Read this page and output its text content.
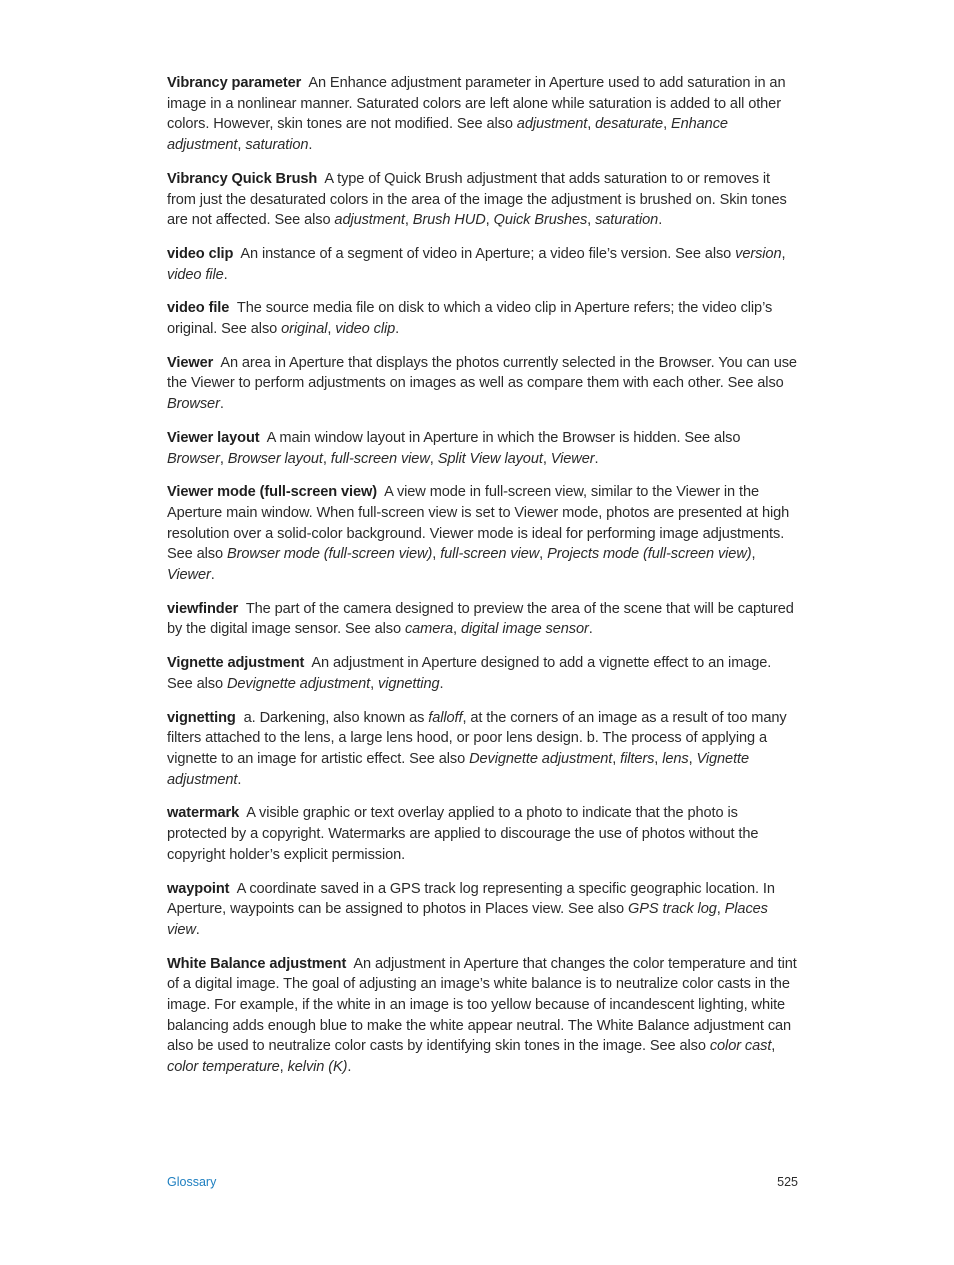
Vibrancy parameter An Enhance adjustment parameter in Aperture used to add saturation in an image in a nonlinear manner. Saturated colors are left alone while saturation is added to all other colors. However, skin tones are not modified. See also adjustment, desaturate, Enhance adjustment, saturation.

Vibrancy Quick Brush A type of Quick Brush adjustment that adds saturation to or removes it from just the desaturated colors in the area of the image the adjustment is brushed on. Skin tones are not affected. See also adjustment, Brush HUD, Quick Brushes, saturation.

video clip An instance of a segment of video in Aperture; a video file’s version. See also version, video file.

video file The source media file on disk to which a video clip in Aperture refers; the video clip’s original. See also original, video clip.

Viewer An area in Aperture that displays the photos currently selected in the Browser. You can use the Viewer to perform adjustments on images as well as compare them with each other. See also Browser.

Viewer layout A main window layout in Aperture in which the Browser is hidden. See also Browser, Browser layout, full-screen view, Split View layout, Viewer.

Viewer mode (full-screen view) A view mode in full-screen view, similar to the Viewer in the Aperture main window. When full-screen view is set to Viewer mode, photos are presented at high resolution over a solid-color background. Viewer mode is ideal for performing image adjustments. See also Browser mode (full-screen view), full-screen view, Projects mode (full-screen view), Viewer.

viewfinder The part of the camera designed to preview the area of the scene that will be captured by the digital image sensor. See also camera, digital image sensor.

Vignette adjustment An adjustment in Aperture designed to add a vignette effect to an image. See also Devignette adjustment, vignetting.

vignetting a. Darkening, also known as falloff, at the corners of an image as a result of too many filters attached to the lens, a large lens hood, or poor lens design. b. The process of applying a vignette to an image for artistic effect. See also Devignette adjustment, filters, lens, Vignette adjustment.

watermark A visible graphic or text overlay applied to a photo to indicate that the photo is protected by a copyright. Watermarks are applied to discourage the use of photos without the copyright holder’s explicit permission.

waypoint A coordinate saved in a GPS track log representing a specific geographic location. In Aperture, waypoints can be assigned to photos in Places view. See also GPS track log, Places view.

White Balance adjustment An adjustment in Aperture that changes the color temperature and tint of a digital image. The goal of adjusting an image’s white balance is to neutralize color casts in the image. For example, if the white in an image is too yellow because of incandescent lighting, white balancing adds enough blue to make the white appear neutral. The White Balance adjustment can also be used to neutralize color casts by identifying skin tones in the image. See also color cast, color temperature, kelvin (K).

Glossary	525
